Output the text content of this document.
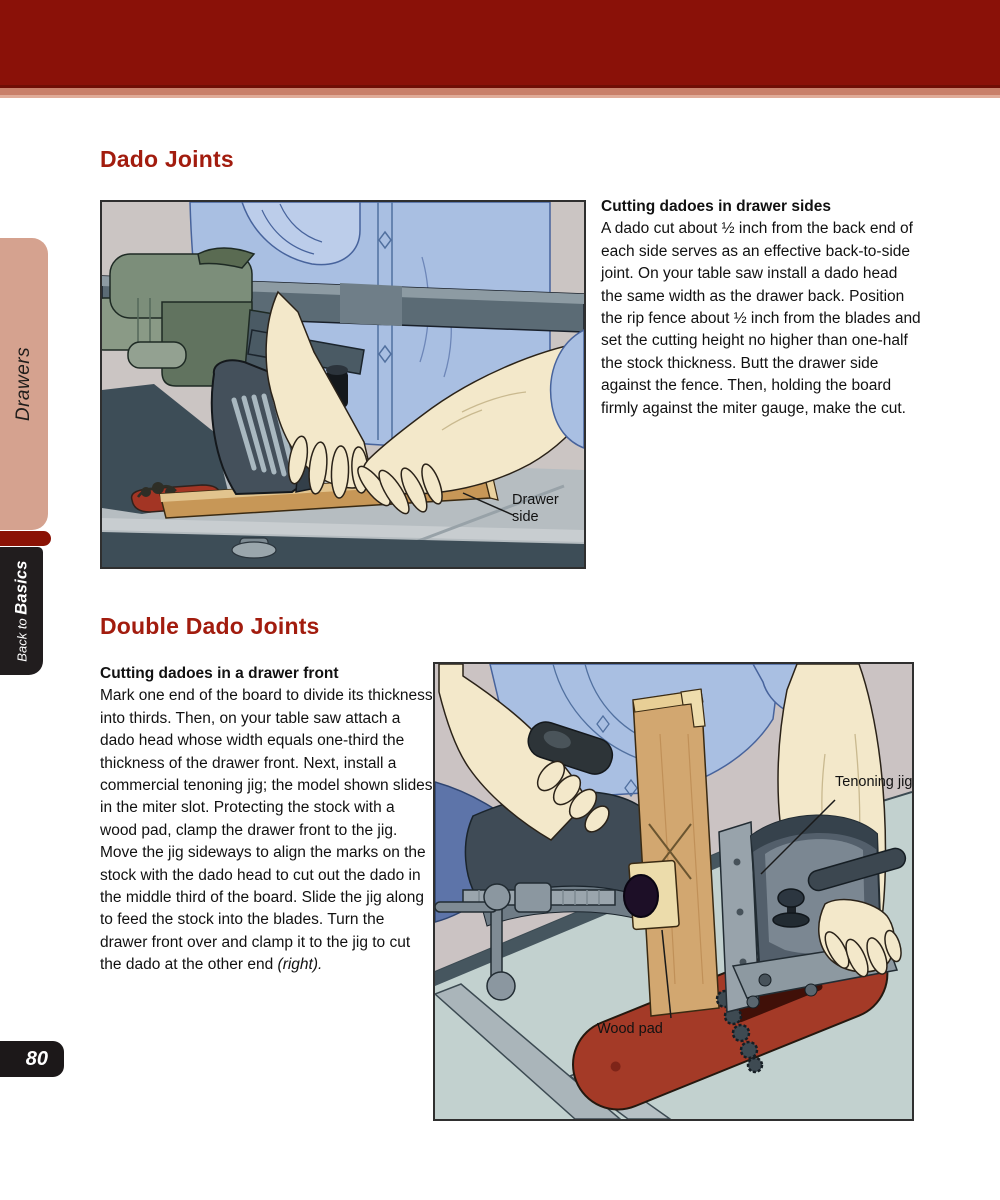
Drawers
Back to Basics
80
Dado Joints
Drawer side
Cutting dadoes in drawer sides
A dado cut about ½ inch from the back end of each side serves as an effective back-to-side joint. On your table saw install a dado head the same width as the drawer back. Position the rip fence about ½ inch from the blades and set the cutting height no higher than one-half the stock thickness. Butt the drawer side against the fence. Then, holding the board firmly against the miter gauge, make the cut.
Double Dado Joints
Cutting dadoes in a drawer front
Mark one end of the board to divide its thickness into thirds. Then, on your table saw attach a dado head whose width equals one-third the thickness of the drawer front. Next, install a commercial tenoning jig; the model shown slides in the miter slot. Protecting the stock with a wood pad, clamp the drawer front to the jig. Move the jig sideways to align the marks on the stock with the dado head to cut out the dado in the middle third of the board. Slide the jig along to feed the stock into the blades. Turn the drawer front over and clamp it to the jig to cut the dado at the other end (right).
Tenoning jig
Wood pad
